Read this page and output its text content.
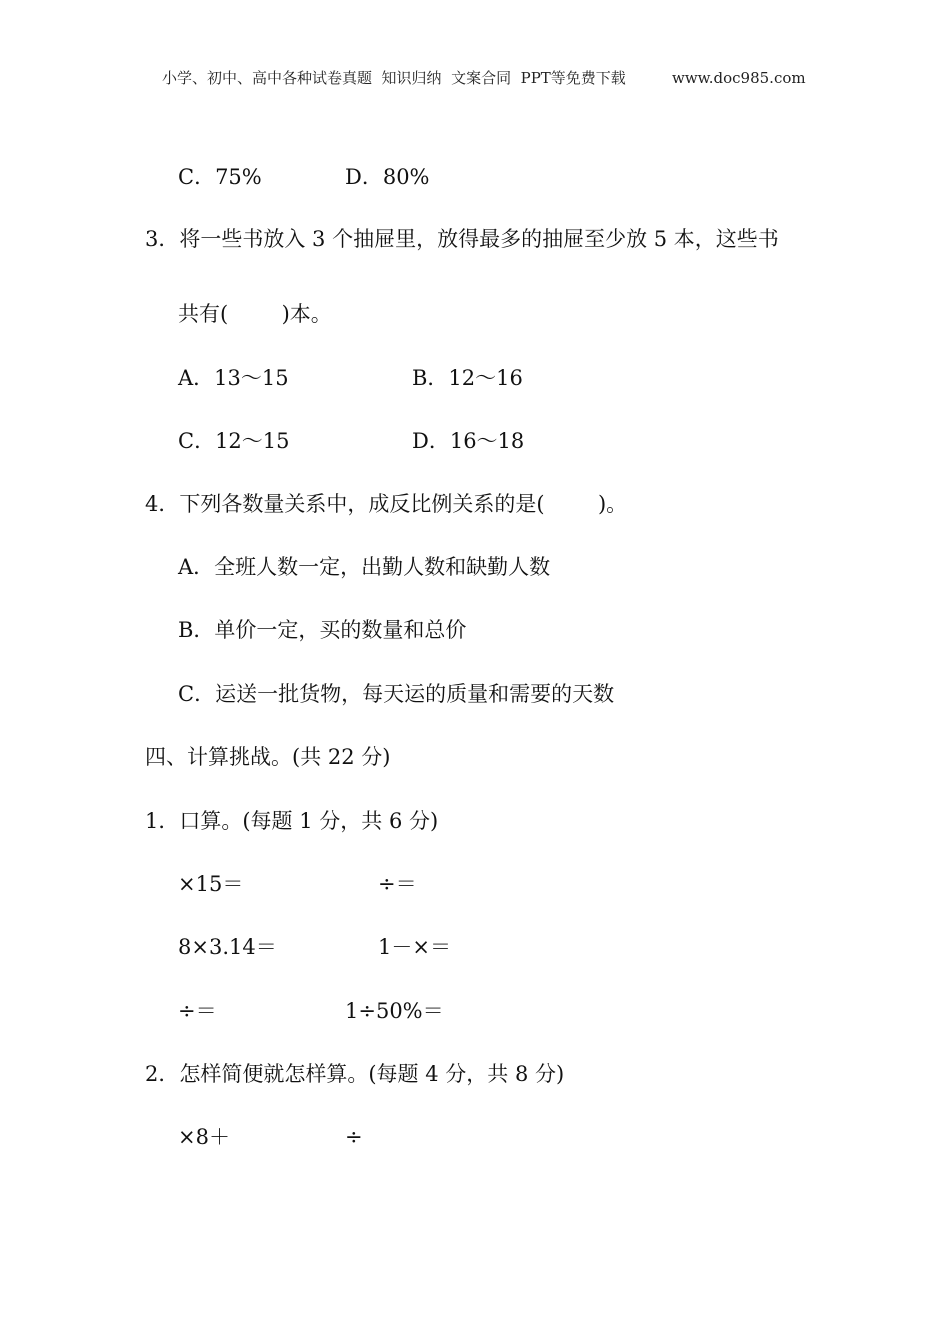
小学、初中、高中各种试卷真题  知识归纳  文案合同  PPT等免费下载	www.doc985.com
C．75%	D．80%
3．将一些书放入 3 个抽屉里，放得最多的抽屉至少放 5 本，这些书
共有(        )本。
A．13～15	B．12～16
C．12～15	D．16～18
4．下列各数量关系中，成反比例关系的是(        )。
A．全班人数一定，出勤人数和缺勤人数
B．单价一定，买的数量和总价
C．运送一批货物，每天运的质量和需要的天数
四、计算挑战。(共 22 分)
1．口算。(每题 1 分，共 6 分)
×15＝	÷＝
8×3.14＝	1－×＝
÷＝	1÷50%＝
2．怎样简便就怎样算。(每题 4 分，共 8 分)
×8＋	÷
